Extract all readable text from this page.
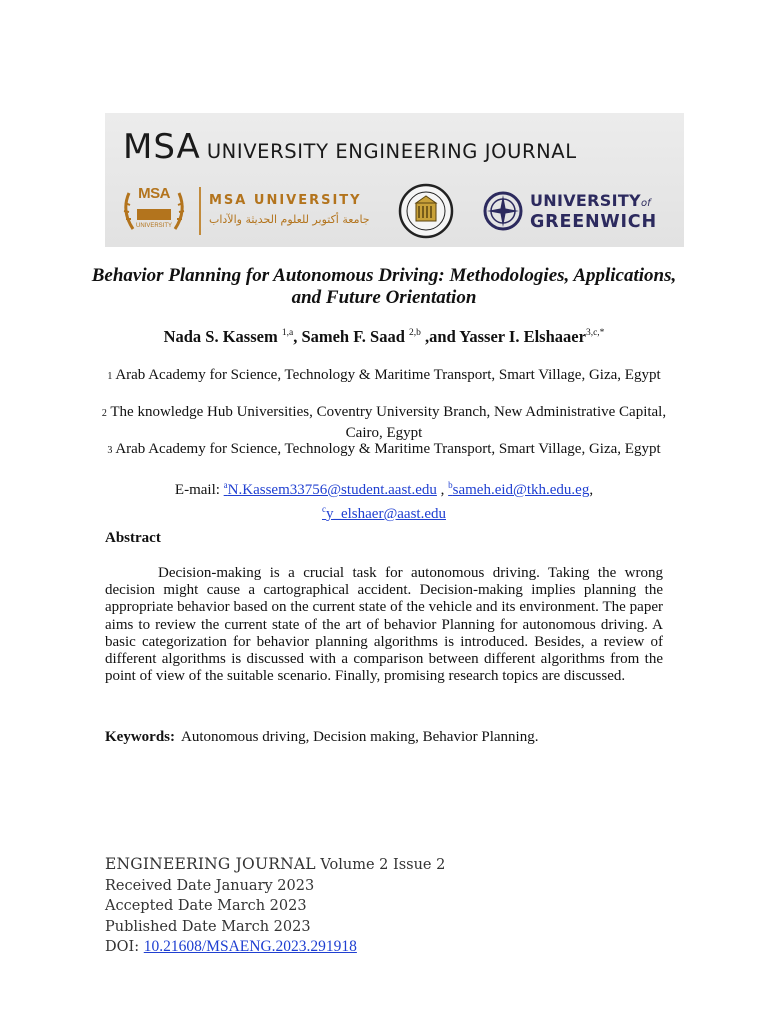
MSA UNIVERSITY ENGINEERING JOURNAL
MSA
UNIVERSITY
MSA UNIVERSITY
جامعة أكتوبر للعلوم الحديثة والآداب
UNIVERSITYof
GREENWICH
Behavior Planning for Autonomous Driving: Methodologies, Applications, and Future Orientation
Nada S. Kassem $^{1,a}$, Sameh F. Saad $^{2,b}$ ,and Yasser I. Elshaaer$^{3,c,*}$
1 Arab Academy for Science, Technology & Maritime Transport, Smart Village, Giza, Egypt
2 The knowledge Hub Universities, Coventry University Branch, New Administrative Capital, Cairo, Egypt
3 Arab Academy for Science, Technology & Maritime Transport, Smart Village, Giza, Egypt
E-mail: $^a$N.Kassem33756@student.aast.edu , $^b$sameh.eid@tkh.edu.eg,
$^c$y_elshaer@aast.edu
Abstract

Decision-making is a crucial task for autonomous driving. Taking the wrong decision might cause a cartographical accident. Decision-making implies planning the appropriate behavior based on the current state of the vehicle and its environment. The paper aims to review the current state of the art of behavior Planning for autonomous driving. A basic categorization for behavior planning algorithms is introduced. Besides, a review of different algorithms is discussed with a comparison between different algorithms from the point of view of the suitable scenario. Finally, promising research topics are discussed.

Keywords: Autonomous driving, Decision making, Behavior Planning.
ENGINEERING JOURNAL Volume 2 Issue 2
Received Date January 2023
Accepted Date March 2023
Published Date March 2023
DOI: 10.21608/MSAENG.2023.291918
